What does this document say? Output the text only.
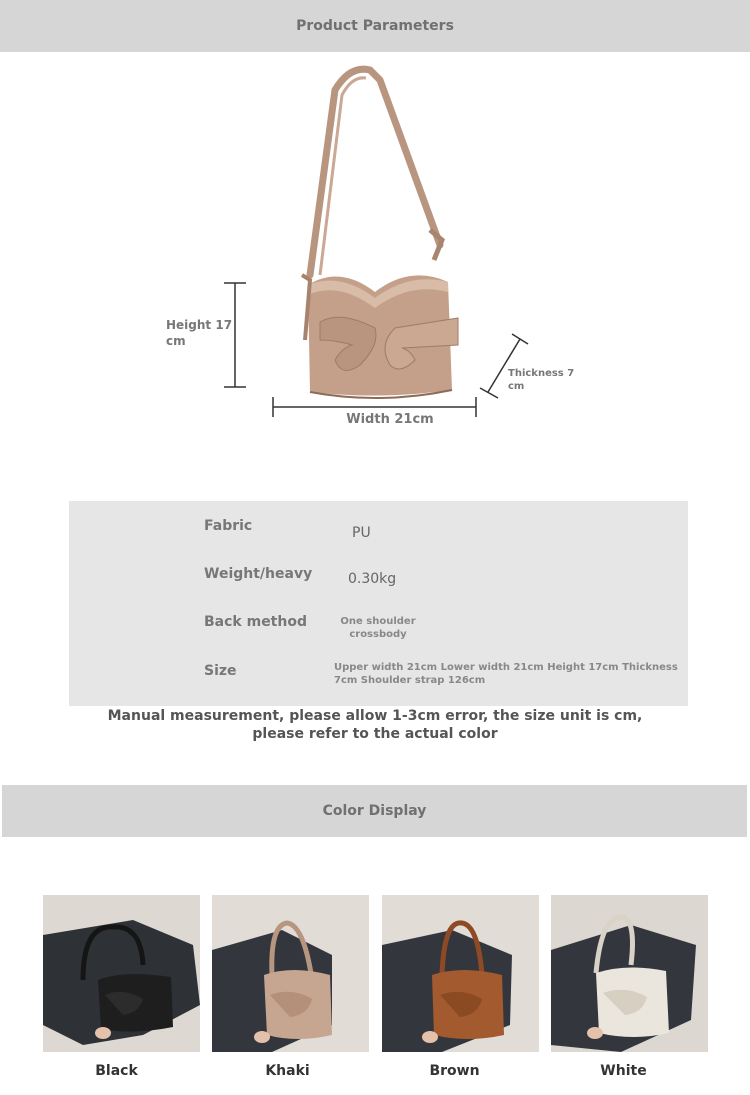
Product Parameters
Height 17 cm
Width 21cm
Thickness 7 cm
Fabric	PU
Weight/heavy	0.30kg
Back method	One shoulder crossbody
Size	Upper width 21cm Lower width 21cm Height 17cm Thickness 7cm Shoulder strap 126cm
Manual measurement, please allow 1-3cm error, the size unit is cm, please refer to the actual color
Color Display
Black	Khaki	Brown	White
